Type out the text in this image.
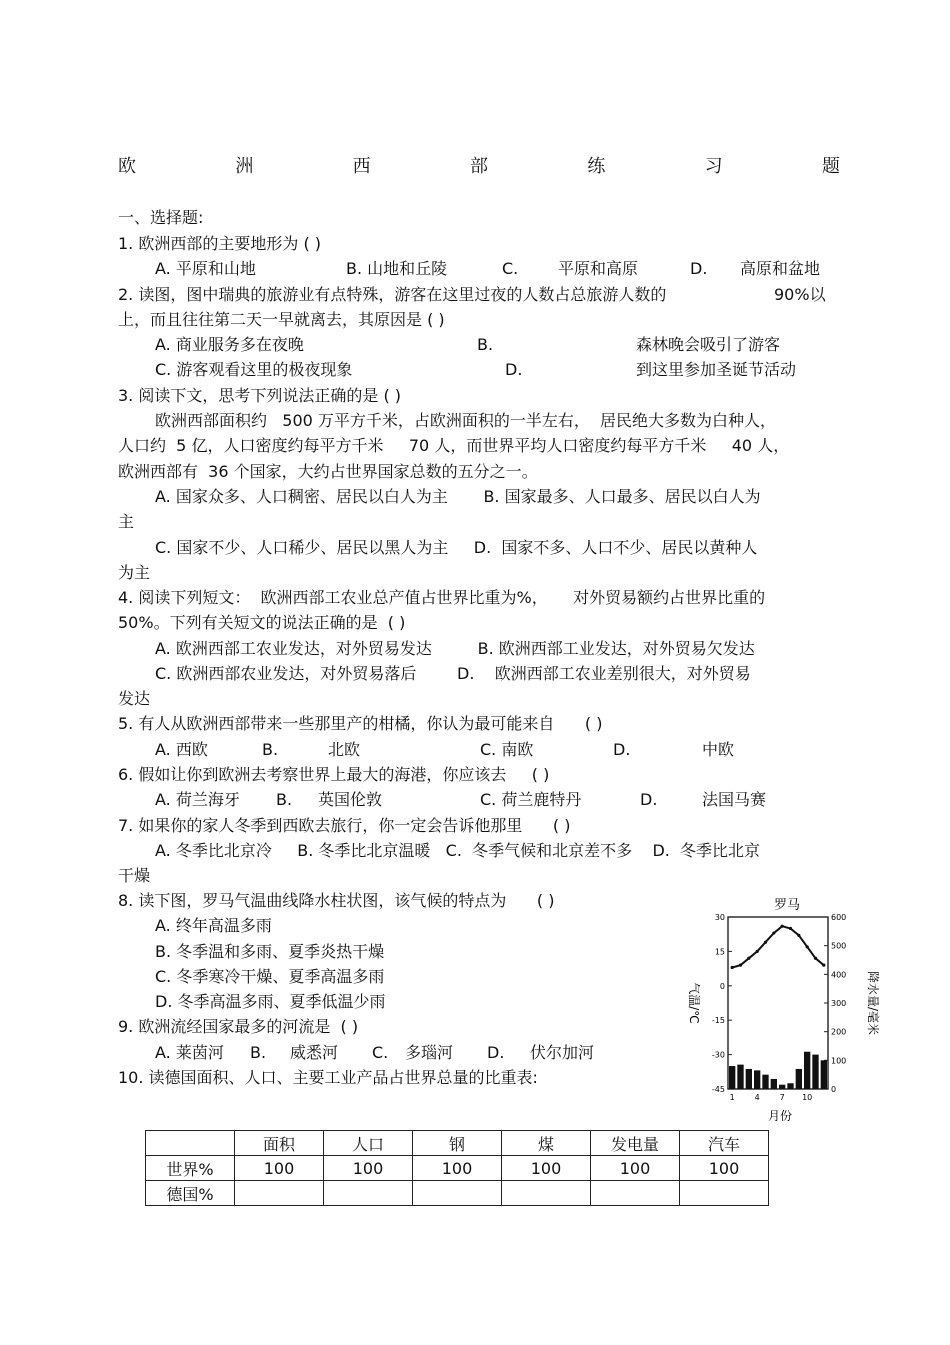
欧	洲	西	部	练	习	题
一、选择题:
1. 欧洲西部的主要地形为 ( )
A. 平原和山地	B. 山地和丘陵	C. 平原和高原	D. 高原和盆地
2. 读图，图中瑞典的旅游业有点特殊，游客在这里过夜的人数占总旅游人数的	90%以
上，而且往往第二天一早就离去，其原因是 ( )
A. 商业服务多在夜晚	B.	森林晚会吸引了游客
C. 游客观看这里的极夜现象	D.	到这里参加圣诞节活动
3. 阅读下文，思考下列说法正确的是 ( )
欧洲西部面积约   500 万平方千米，占欧洲面积的一半左右，  居民绝大多数为白种人，
人口约  5 亿，人口密度约每平方千米     70 人，而世界平均人口密度约每平方千米     40 人，
欧洲西部有  36 个国家，大约占世界国家总数的五分之一。
A. 国家众多、人口稠密、居民以白人为主       B. 国家最多、人口最多、居民以白人为
主
C. 国家不少、人口稀少、居民以黑人为主     D.  国家不多、人口不少、居民以黄种人
为主
4. 阅读下列短文：  欧洲西部工农业总产值占世界比重为%，     对外贸易额约占世界比重的
50%。下列有关短文的说法正确的是  ( )
A. 欧洲西部工农业发达，对外贸易发达         B. 欧洲西部工业发达，对外贸易欠发达
C. 欧洲西部农业发达，对外贸易落后        D.    欧洲西部工农业差别很大，对外贸易
发达
5. 有人从欧洲西部带来一些那里产的柑橘，你认为最可能来自      ( )
A. 西欧	B.	北欧	C. 南欧	D.	中欧
6. 假如让你到欧洲去考察世界上最大的海港，你应该去     ( )
A. 荷兰海牙 B. 英国伦敦	C. 荷兰鹿特丹	D.	法国马赛
7. 如果你的家人冬季到西欧去旅行，你一定会告诉他那里      ( )
A. 冬季比北京冷     B. 冬季比北京温暖   C.  冬季气候和北京差不多    D.  冬季比北京
干燥
8. 读下图，罗马气温曲线降水柱状图，该气候的特点为      ( )
A. 终年高温多雨
B. 冬季温和多雨、夏季炎热干燥
C. 冬季寒冷干燥、夏季高温多雨
D. 冬季高温多雨、夏季低温少雨
9. 欧洲流经国家最多的河流是  ( )
A. 莱茵河 B. 威悉河 C. 多瑙河 D. 伏尔加河
10. 读德国面积、人口、主要工业产品占世界总量的比重表:
罗马
气温/℃	降水量/毫米
月份
30
15
0
-15
-30
-45
600
500
400
300
200
100
0
1 4 7 10
	面积	人口	钢	煤	发电量	汽车
世界%	100	100	100	100	100	100
德国%						
